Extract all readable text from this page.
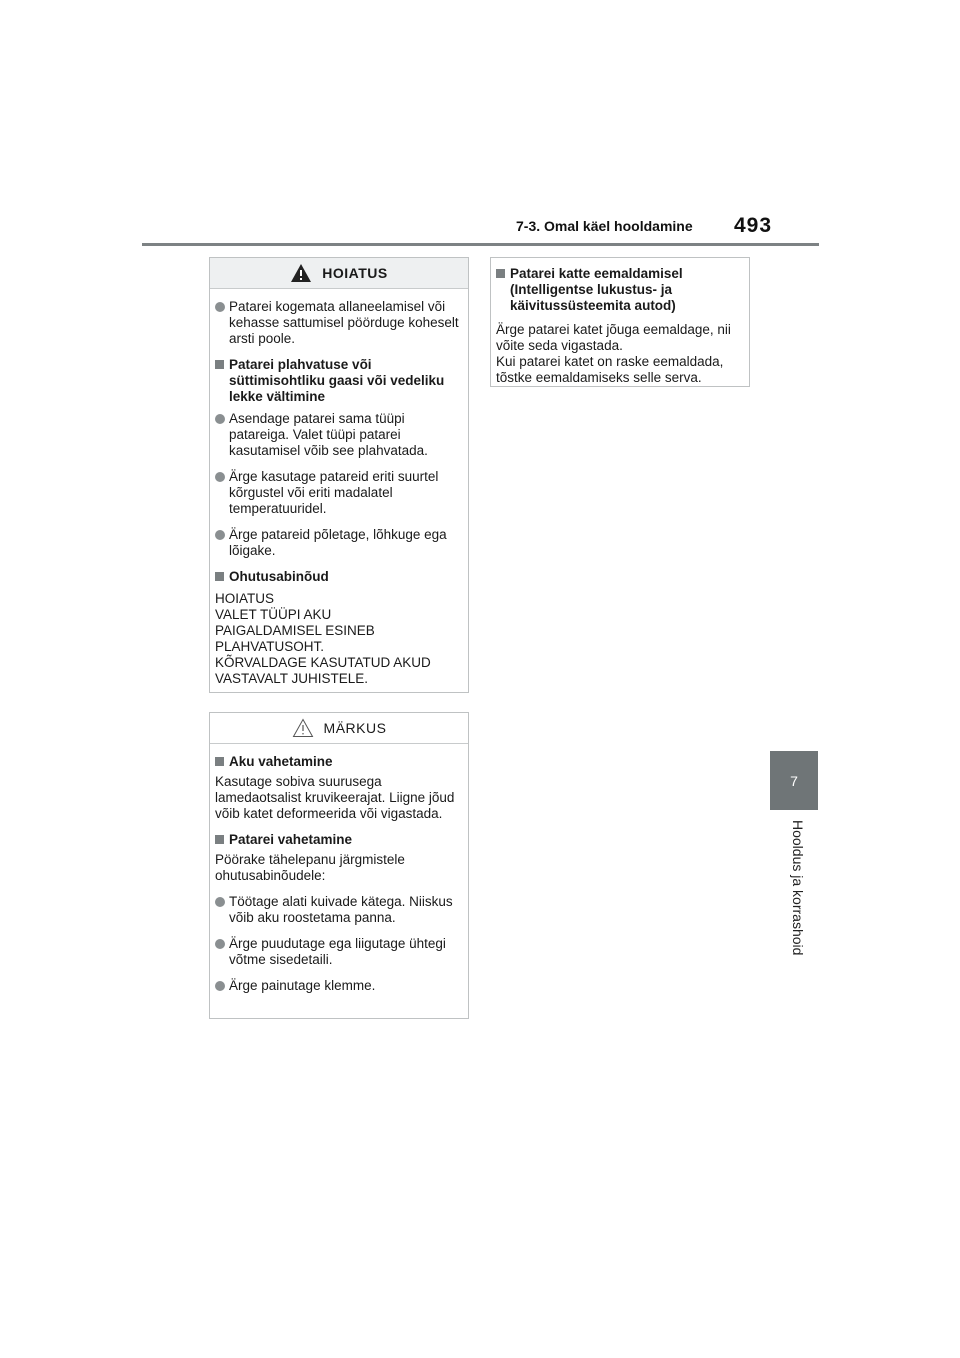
7-3. Omal käel hooldamine 493
7
Hooldus ja korrashoid
HOIATUS
Patarei kogemata allaneelamisel või kehasse sattumisel pöörduge koheselt arsti poole.
Patarei plahvatuse või süttimisohtliku gaasi või vedeliku lekke vältimine
Asendage patarei sama tüüpi patareiga. Valet tüüpi patarei kasutamisel võib see plahvatada.
Ärge kasutage patareid eriti suurtel kõrgustel või eriti madalatel temperatuuridel.
Ärge patareid põletage, lõhkuge ega lõigake.
Ohutusabinõud
HOIATUS
VALET TÜÜPI AKU
PAIGALDAMISEL ESINEB
PLAHVATUSOHT.
KÕRVALDAGE KASUTATUD AKUD
VASTAVALT JUHISTELE.
MÄRKUS
Aku vahetamine
Kasutage sobiva suurusega lamedaotsalist kruvikeerajat. Liigne jõud võib katet deformeerida või vigastada.
Patarei vahetamine
Pöörake tähelepanu järgmistele ohutusabinõudele:
Töötage alati kuivade kätega. Niiskus võib aku roostetama panna.
Ärge puudutage ega liigutage ühtegi võtme sisedetaili.
Ärge painutage klemme.
Patarei katte eemaldamisel (Intelligentse lukustus- ja käivitussüsteemita autod)
Ärge patarei katet jõuga eemaldage, nii võite seda vigastada.
Kui patarei katet on raske eemaldada, tõstke eemaldamiseks selle serva.
